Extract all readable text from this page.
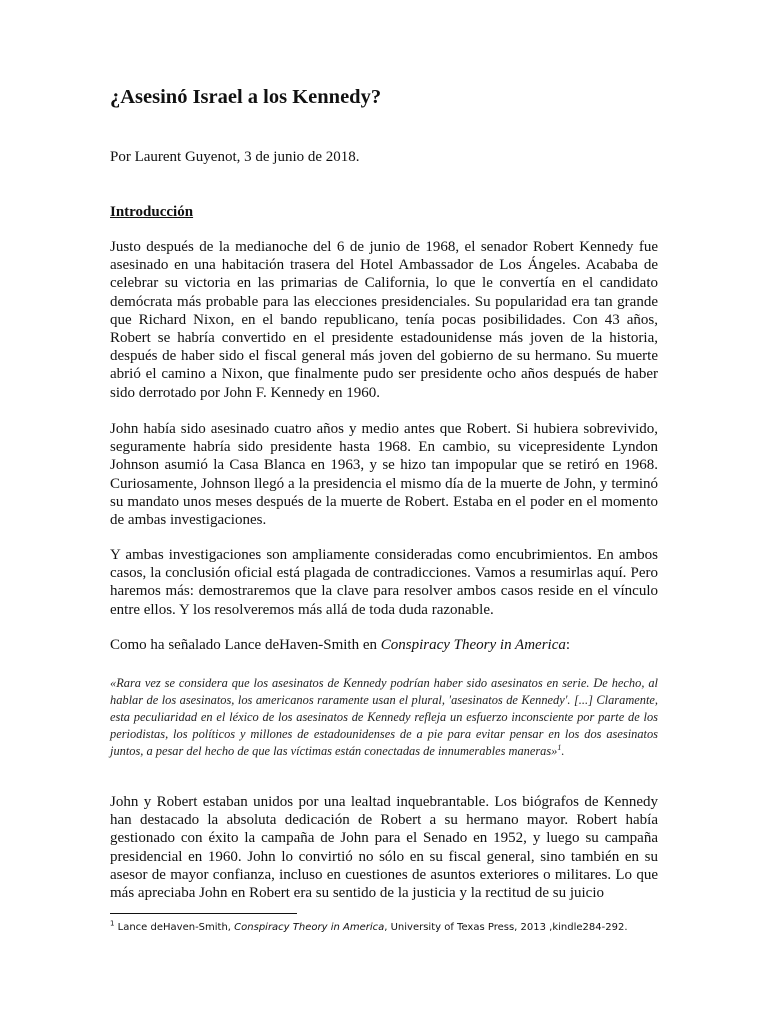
¿Asesinó Israel a los Kennedy?

Por Laurent Guyenot, 3 de junio de 2018.

Introducción

Justo después de la medianoche del 6 de junio de 1968, el senador Robert Kennedy fue asesinado en una habitación trasera del Hotel Ambassador de Los Ángeles. Acababa de celebrar su victoria en las primarias de California, lo que le convertía en el candidato demócrata más probable para las elecciones presidenciales. Su popularidad era tan grande que Richard Nixon, en el bando republicano, tenía pocas posibilidades. Con 43 años, Robert se habría convertido en el presidente estadounidense más joven de la historia, después de haber sido el fiscal general más joven del gobierno de su hermano. Su muerte abrió el camino a Nixon, que finalmente pudo ser presidente ocho años después de haber sido derrotado por John F. Kennedy en 1960.

John había sido asesinado cuatro años y medio antes que Robert. Si hubiera sobrevivido, seguramente habría sido presidente hasta 1968. En cambio, su vicepresidente Lyndon Johnson asumió la Casa Blanca en 1963, y se hizo tan impopular que se retiró en 1968. Curiosamente, Johnson llegó a la presidencia el mismo día de la muerte de John, y terminó su mandato unos meses después de la muerte de Robert. Estaba en el poder en el momento de ambas investigaciones.

Y ambas investigaciones son ampliamente consideradas como encubrimientos. En ambos casos, la conclusión oficial está plagada de contradicciones. Vamos a resumirlas aquí. Pero haremos más: demostraremos que la clave para resolver ambos casos reside en el vínculo entre ellos. Y los resolveremos más allá de toda duda razonable.

Como ha señalado Lance deHaven-Smith en Conspiracy Theory in America:

«Rara vez se considera que los asesinatos de Kennedy podrían haber sido asesinatos en serie. De hecho, al hablar de los asesinatos, los americanos raramente usan el plural, 'asesinatos de Kennedy'. [...] Claramente, esta peculiaridad en el léxico de los asesinatos de Kennedy refleja un esfuerzo inconsciente por parte de los periodistas, los políticos y millones de estadounidenses de a pie para evitar pensar en los dos asesinatos juntos, a pesar del hecho de que las víctimas están conectadas de innumerables maneras»$^1$.

John y Robert estaban unidos por una lealtad inquebrantable. Los biógrafos de Kennedy han destacado la absoluta dedicación de Robert a su hermano mayor. Robert había gestionado con éxito la campaña de John para el Senado en 1952, y luego su campaña presidencial en 1960. John lo convirtió no sólo en su fiscal general, sino también en su asesor de mayor confianza, incluso en cuestiones de asuntos exteriores o militares. Lo que más apreciaba John en Robert era su sentido de la justicia y la rectitud de su juicio

$^1$ Lance deHaven-Smith, Conspiracy Theory in America, University of Texas Press, 2013 ,kindle284-292.
